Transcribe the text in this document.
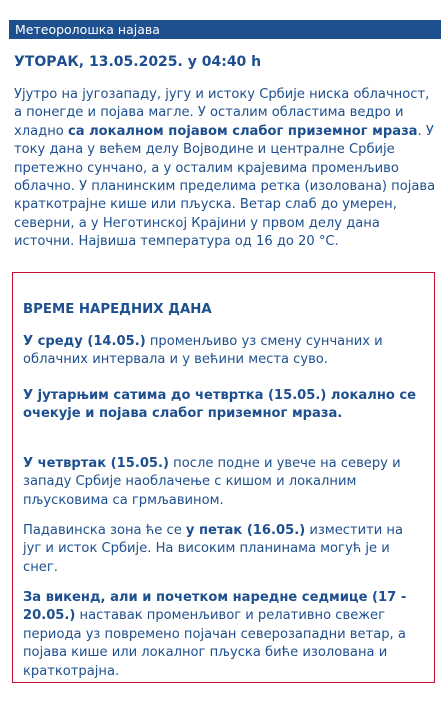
Метеоролошка најава

УТОРАК, 13.05.2025. у 04:40 h

Ујутро на југозападу, југу и истоку Србије ниска облачност, а понегде и појава магле. У осталим областима ведро и хладно са локалном појавом слабог приземног мраза. У току дана у већем делу Војводине и централне Србије претежно сунчано, а у осталим крајевима променљиво облачно. У планинским пределима ретка (изолована) појава краткотрајне кише или пљуска. Ветар слаб до умерен, северни, а у Неготинској Крајини у првом делу дана источни. Највиша температура од 16 до 20 °C.

ВРЕМЕ НАРЕДНИХ ДАНА

У среду (14.05.) променљиво уз смену сунчаних и облачних интервала и у већини места суво.

У јутарњим сатима до четвртка (15.05.) локално се очекује и појава слабог приземног мраза.

У четвртак (15.05.) после подне и увече на северу и западу Србије наоблачење с кишом и локалним пљусковима са грмљавином.

Падавинска зона ће се у петак (16.05.) изместити на југ и исток Србије. На високим планинама могућ је и снег.

За викенд, али и почетком наредне седмице (17 - 20.05.) наставак променљивог и релативно свежег периода уз повремено појачан северозападни ветар, а појава кише или локалног пљуска биће изолована и краткотрајна.
